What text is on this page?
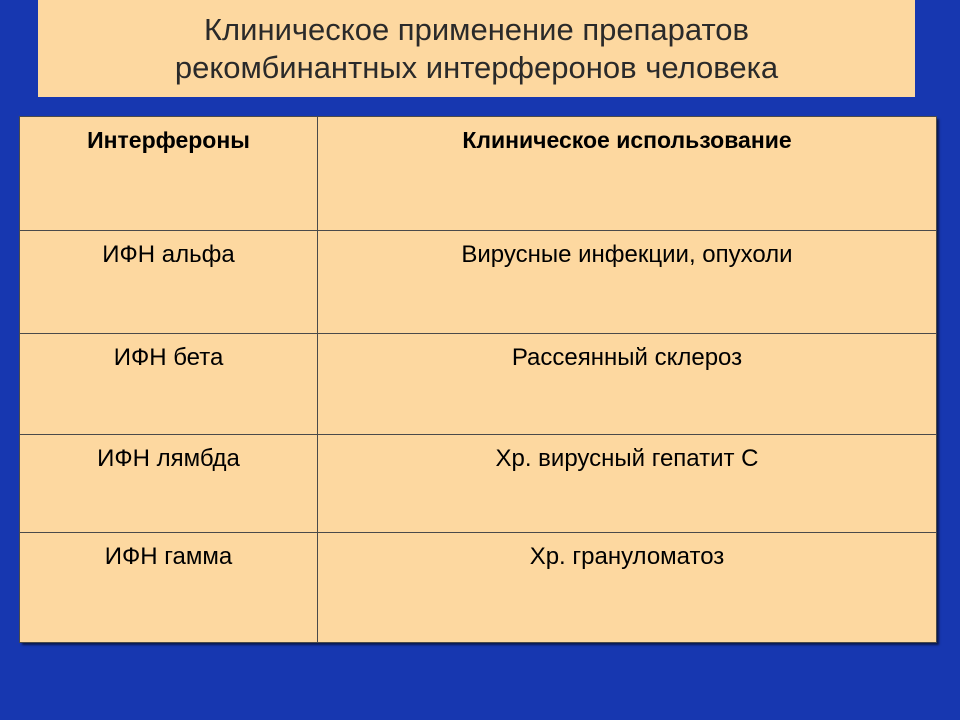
Клиническое применение препаратов
рекомбинантных интерферонов человека
Интерфероны	Клиническое использование
ИФН альфа	Вирусные инфекции, опухоли
ИФН бета	Рассеянный склероз
ИФН лямбда	Хр. вирусный гепатит С
ИФН гамма	Хр. грануломатоз
